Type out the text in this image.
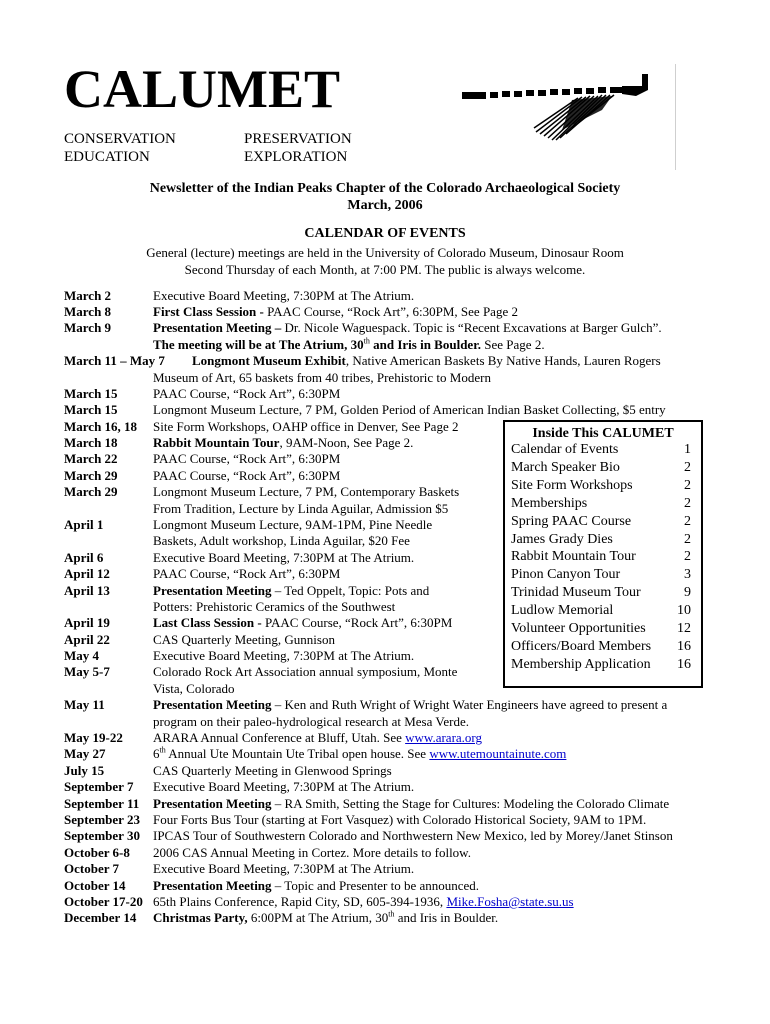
CALUMET
CONSERVATION	PRESERVATION
EDUCATION	EXPLORATION
Newsletter of the Indian Peaks Chapter of the Colorado Archaeological Society
March, 2006
CALENDAR OF EVENTS
General (lecture) meetings are held in the University of Colorado Museum, Dinosaur Room
Second Thursday of each Month, at 7:00 PM. The public is always welcome.
March 2	Executive Board Meeting, 7:30PM at The Atrium.
March 8	First Class Session - PAAC Course, “Rock Art”, 6:30PM, See Page 2
March 9	Presentation Meeting – Dr. Nicole Waguespack. Topic is “Recent Excavations at Barger Gulch”.
The meeting will be at The Atrium, 30th and Iris in Boulder. See Page 2.
March 11 – May 7 Longmont Museum Exhibit, Native American Baskets By Native Hands, Lauren Rogers
Museum of Art, 65 baskets from 40 tribes, Prehistoric to Modern
March 15	PAAC Course, “Rock Art”, 6:30PM
March 15	Longmont Museum Lecture, 7 PM, Golden Period of American Indian Basket Collecting, $5 entry
March 16, 18 Site Form Workshops, OAHP office in Denver, See Page 2
March 18	Rabbit Mountain Tour, 9AM-Noon, See Page 2.
March 22	PAAC Course, “Rock Art”, 6:30PM
March 29	PAAC Course, “Rock Art”, 6:30PM
March 29	Longmont Museum Lecture, 7 PM, Contemporary Baskets
From Tradition, Lecture by Linda Aguilar, Admission $5
April 1	Longmont Museum Lecture, 9AM-1PM, Pine Needle
Baskets, Adult workshop, Linda Aguilar, $20 Fee
April 6	Executive Board Meeting, 7:30PM at The Atrium.
April 12	PAAC Course, “Rock Art”, 6:30PM
April 13	Presentation Meeting – Ted Oppelt, Topic: Pots and
Potters: Prehistoric Ceramics of the Southwest
April 19	Last Class Session - PAAC Course, “Rock Art”, 6:30PM
April 22	CAS Quarterly Meeting, Gunnison
May 4	Executive Board Meeting, 7:30PM at The Atrium.
May 5-7	Colorado Rock Art Association annual symposium, Monte
Vista, Colorado
May 11	Presentation Meeting – Ken and Ruth Wright of Wright Water Engineers have agreed to present a
program on their paleo-hydrological research at Mesa Verde.
May 19-22 ARARA Annual Conference at Bluff, Utah. See www.arara.org
May 27	6th Annual Ute Mountain Ute Tribal open house. See www.utemountainute.com
July 15	CAS Quarterly Meeting in Glenwood Springs
September 7 Executive Board Meeting, 7:30PM at The Atrium.
September 11 Presentation Meeting – RA Smith, Setting the Stage for Cultures: Modeling the Colorado Climate
September 23 Four Forts Bus Tour (starting at Fort Vasquez) with Colorado Historical Society, 9AM to 1PM.
September 30 IPCAS Tour of Southwestern Colorado and Northwestern New Mexico, led by Morey/Janet Stinson
October 6-8 2006 CAS Annual Meeting in Cortez. More details to follow.
October 7	Executive Board Meeting, 7:30PM at The Atrium.
October 14 Presentation Meeting – Topic and Presenter to be announced.
October 17-20 65th Plains Conference, Rapid City, SD, 605-394-1936, Mike.Fosha@state.su.us
December 14 Christmas Party, 6:00PM at The Atrium, 30th and Iris in Boulder.
Inside This CALUMET
Calendar of Events	1
March Speaker Bio	2
Site Form Workshops	2
Memberships	2
Spring PAAC Course	2
James Grady Dies	2
Rabbit Mountain Tour	2
Pinon Canyon Tour	3
Trinidad Museum Tour	9
Ludlow Memorial	10
Volunteer Opportunities 12
Officers/Board Members 16
Membership Application 16
